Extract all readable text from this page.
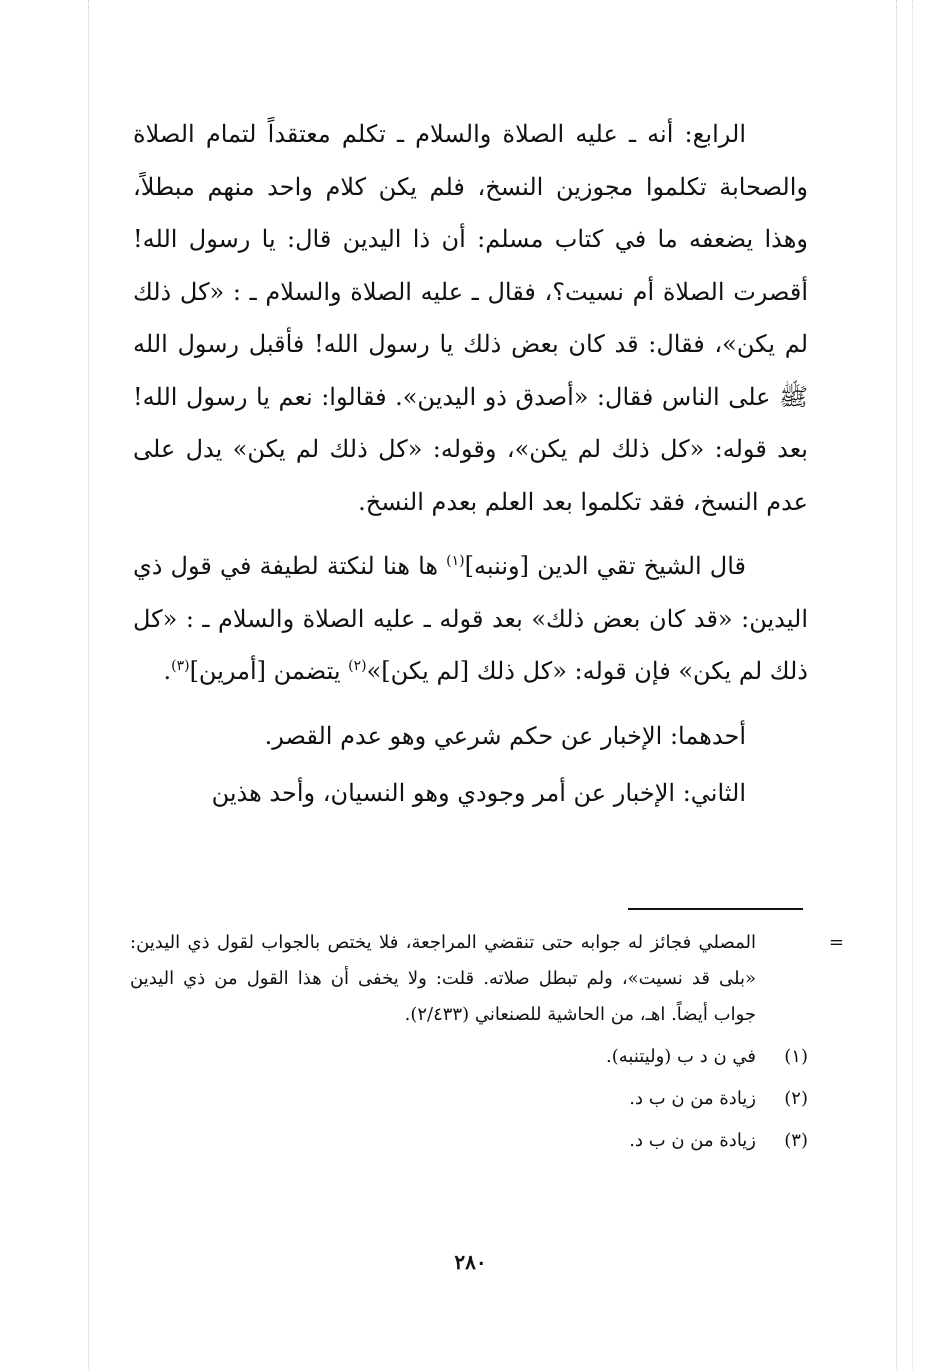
الرابع: أنه ـ عليه الصلاة والسلام ـ تكلم معتقداً لتمام الصلاة والصحابة تكلموا مجوزين النسخ، فلم يكن كلام واحد منهم مبطلاً، وهذا يضعفه ما في كتاب مسلم: أن ذا اليدين قال: يا رسول الله! أقصرت الصلاة أم نسيت؟، فقال ـ عليه الصلاة والسلام ـ : «كل ذلك لم يكن»، فقال: قد كان بعض ذلك يا رسول الله! فأقبل رسول الله ﷺ على الناس فقال: «أصدق ذو اليدين». فقالوا: نعم يا رسول الله! بعد قوله: «كل ذلك لم يكن»، وقوله: «كل ذلك لم يكن» يدل على عدم النسخ، فقد تكلموا بعد العلم بعدم النسخ.

قال الشيخ تقي الدين [وننبه]$^{(١)}$ ها هنا لنكتة لطيفة في قول ذي اليدين: «قد كان بعض ذلك» بعد قوله ـ عليه الصلاة والسلام ـ : «كل ذلك لم يكن» فإن قوله: «كل ذلك [لم يكن]»$^{(٢)}$ يتضمن [أمرين]$^{(٣)}$.

أحدهما: الإخبار عن حكم شرعي وهو عدم القصر.

الثاني: الإخبار عن أمر وجودي وهو النسيان، وأحد هذين

=

المصلي فجائز له جوابه حتى تنقضي المراجعة، فلا يختص بالجواب لقول ذي اليدين: «بلى قد نسيت»، ولم تبطل صلاته. قلت: ولا يخفى أن هذا القول من ذي اليدين جواب أيضاً. اهـ، من الحاشية للصنعاني (٢/٤٣٣).

(١)
في ن د ب (وليتنبه).
(٢)
زيادة من ن ب د.
(٣)
زيادة من ن ب د.
٢٨٠
